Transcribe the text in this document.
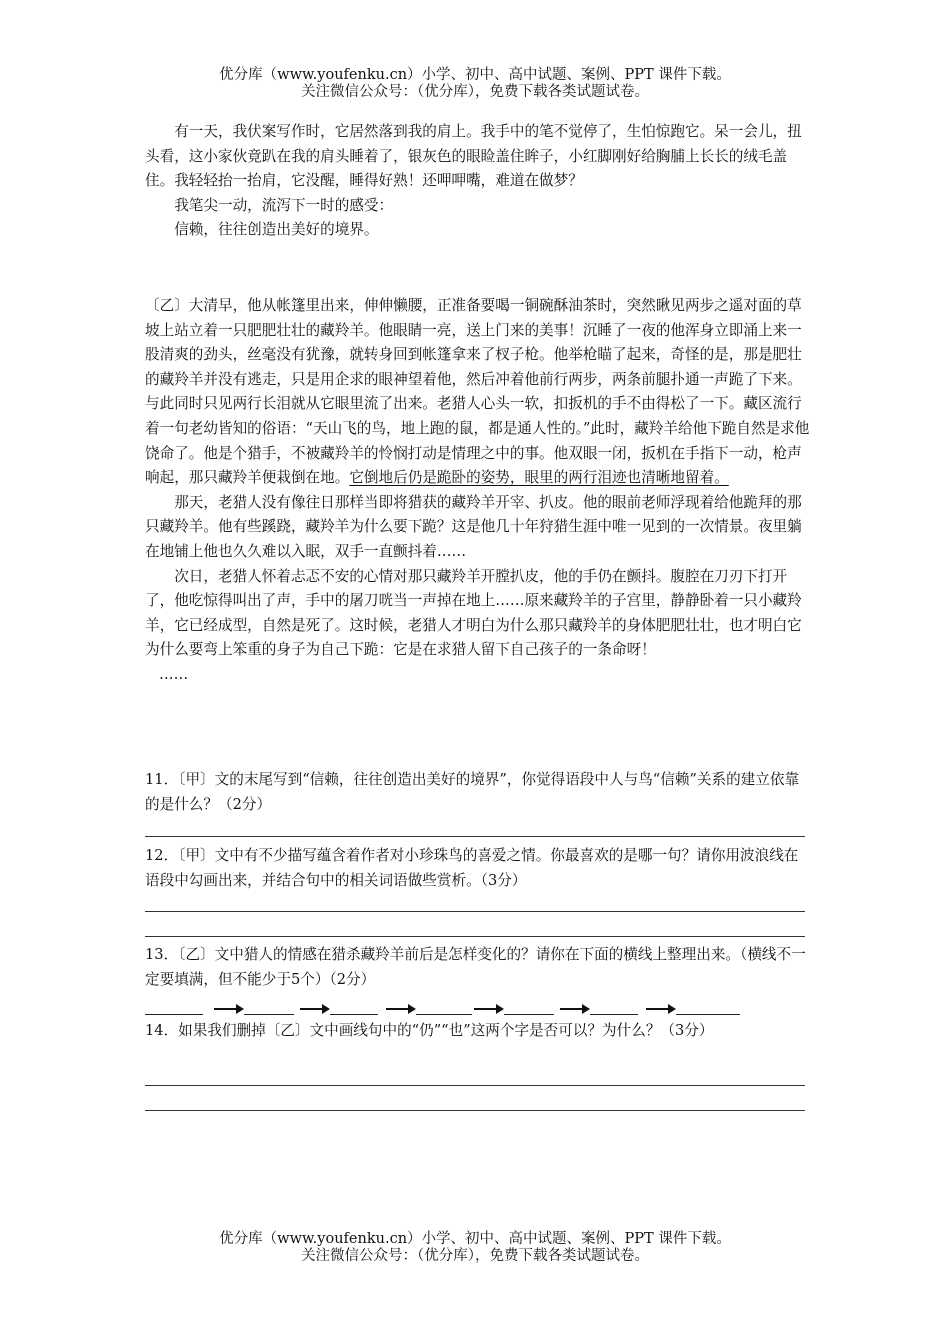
优分库（www.youfenku.cn）小学、初中、高中试题、案例、PPT 课件下载。
关注微信公众号：（优分库），免费下载各类试题试卷。

有一天，我伏案写作时，它居然落到我的肩上。我手中的笔不觉停了，生怕惊跑它。呆一会儿，扭头看，这小家伙竟趴在我的肩头睡着了，银灰色的眼睑盖住眸子，小红脚刚好给胸脯上长长的绒毛盖住。我轻轻抬一抬肩，它没醒，睡得好熟！还呷呷嘴，难道在做梦？

我笔尖一动，流泻下一时的感受：

信赖，往往创造出美好的境界。

〔乙〕大清早，他从帐篷里出来，伸伸懒腰，正准备要喝一铜碗酥油茶时，突然瞅见两步之遥对面的草坡上站立着一只肥肥壮壮的藏羚羊。他眼睛一亮，送上门来的美事！沉睡了一夜的他浑身立即涌上来一股清爽的劲头，丝毫没有犹豫，就转身回到帐篷拿来了杈子枪。他举枪瞄了起来，奇怪的是，那是肥壮的藏羚羊并没有逃走，只是用企求的眼神望着他，然后冲着他前行两步，两条前腿扑通一声跪了下来。与此同时只见两行长泪就从它眼里流了出来。老猎人心头一软，扣扳机的手不由得松了一下。藏区流行着一句老幼皆知的俗语：“天山飞的鸟，地上跑的鼠，都是通人性的。”此时，藏羚羊给他下跪自然是求他饶命了。他是个猎手，不被藏羚羊的怜悯打动是情理之中的事。他双眼一闭，扳机在手指下一动，枪声响起，那只藏羚羊便栽倒在地。它倒地后仍是跪卧的姿势，眼里的两行泪迹也清晰地留着。

那天，老猎人没有像往日那样当即将猎获的藏羚羊开宰、扒皮。他的眼前老师浮现着给他跪拜的那只藏羚羊。他有些蹊跷，藏羚羊为什么要下跪？这是他几十年狩猎生涯中唯一见到的一次情景。夜里躺在地铺上他也久久难以入眠，双手一直颤抖着……

次日，老猎人怀着忐忑不安的心情对那只藏羚羊开膛扒皮，他的手仍在颤抖。腹腔在刀刃下打开了，他吃惊得叫出了声，手中的屠刀咣当一声掉在地上……原来藏羚羊的子宫里，静静卧着一只小藏羚羊，它已经成型，自然是死了。这时候，老猎人才明白为什么那只藏羚羊的身体肥肥壮壮，也才明白它为什么要弯上笨重的身子为自己下跪：它是在求猎人留下自己孩子的一条命呀！

……

11．〔甲〕文的末尾写到“信赖，往往创造出美好的境界”，你觉得语段中人与鸟“信赖”关系的建立依靠的是什么？（2分）

12．〔甲〕文中有不少描写蕴含着作者对小珍珠鸟的喜爱之情。你最喜欢的是哪一句？请你用波浪线在语段中勾画出来，并结合句中的相关词语做些赏析。（3分）

13．〔乙〕文中猎人的情感在猎杀藏羚羊前后是怎样变化的？请你在下面的横线上整理出来。（横线不一定要填满，但不能少于5个）（2分）

14．如果我们删掉〔乙〕文中画线句中的“仍”“也”这两个字是否可以？为什么？（3分）

优分库（www.youfenku.cn）小学、初中、高中试题、案例、PPT 课件下载。
关注微信公众号：（优分库），免费下载各类试题试卷。
